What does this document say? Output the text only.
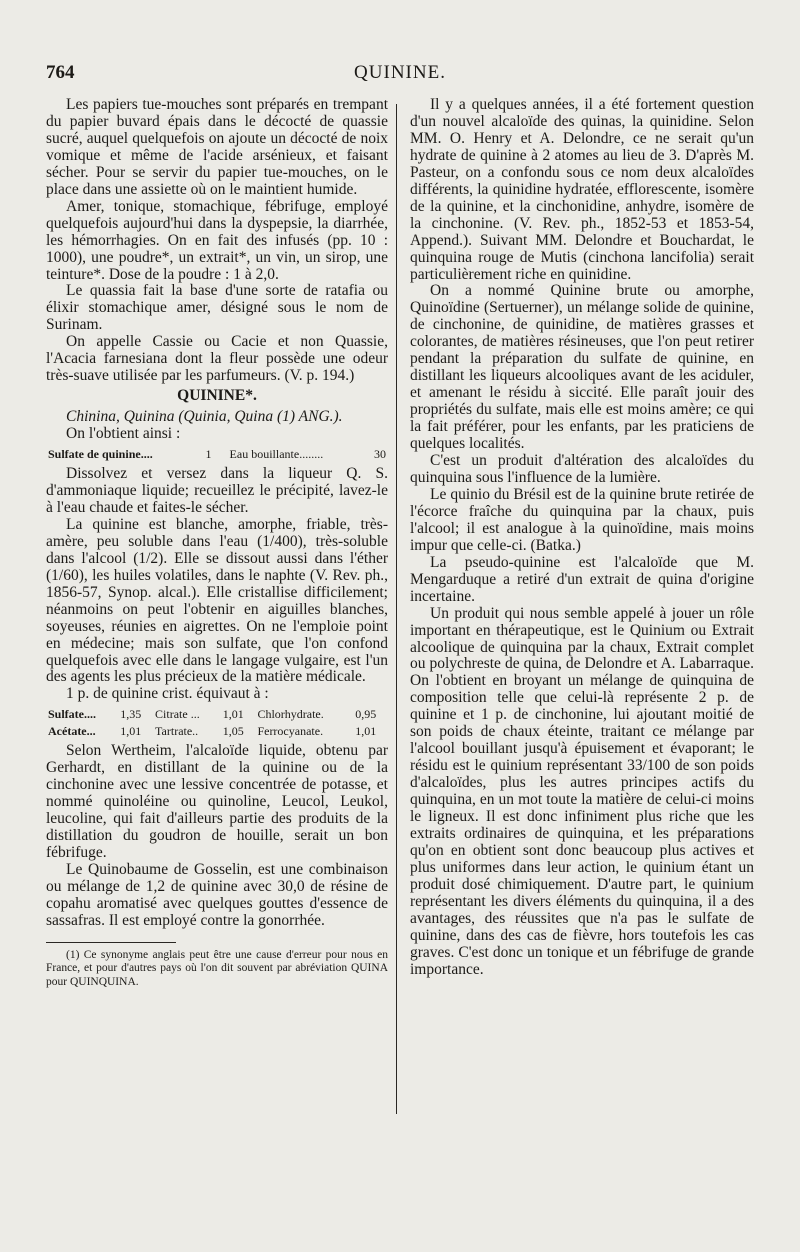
764	QUININE.

Les papiers tue-mouches sont préparés en trempant du papier buvard épais dans le décocté de quassie sucré, auquel quelquefois on ajoute un décocté de noix vomique et même de l'acide arsénieux, et faisant sécher. Pour se servir du papier tue-mouches, on le place dans une assiette où on le maintient humide.

Amer, tonique, stomachique, fébrifuge, employé quelquefois aujourd'hui dans la dyspepsie, la diarrhée, les hémorrhagies. On en fait des infusés (pp. 10 : 1000), une poudre*, un extrait*, un vin, un sirop, une teinture*. Dose de la poudre : 1 à 2,0.

Le quassia fait la base d'une sorte de ratafia ou élixir stomachique amer, désigné sous le nom de Surinam.

On appelle Cassie ou Cacie et non Quassie, l'Acacia farnesiana dont la fleur possède une odeur très-suave utilisée par les parfumeurs. (V. p. 194.)

QUININE*.

Chinina, Quinina (Quinia, Quina (1) ANG.).

On l'obtient ainsi :

Sulfate de quinine....	1		Eau bouillante........	30

Dissolvez et versez dans la liqueur Q. S. d'ammoniaque liquide; recueillez le précipité, lavez-le à l'eau chaude et faites-le sécher.

La quinine est blanche, amorphe, friable, très-amère, peu soluble dans l'eau (1/400), très-soluble dans l'alcool (1/2). Elle se dissout aussi dans l'éther (1/60), les huiles volatiles, dans le naphte (V. Rev. ph., 1856-57, Synop. alcal.). Elle cristallise difficilement; néanmoins on peut l'obtenir en aiguilles blanches, soyeuses, réunies en aigrettes. On ne l'emploie point en médecine; mais son sulfate, que l'on confond quelquefois avec elle dans le langage vulgaire, est l'un des agents les plus précieux de la matière médicale.

1 p. de quinine crist. équivaut à :

Sulfate....	1,35	Citrate ...	1,01	Chlorhydrate.	0,95
Acétate...	1,01	Tartrate..	1,05	Ferrocyanate.	1,01

Selon Wertheim, l'alcaloïde liquide, obtenu par Gerhardt, en distillant de la quinine ou de la cinchonine avec une lessive concentrée de potasse, et nommé quinoléine ou quinoline, Leucol, Leukol, leucoline, qui fait d'ailleurs partie des produits de la distillation du goudron de houille, serait un bon fébrifuge.

Le Quinobaume de Gosselin, est une combinaison ou mélange de 1,2 de quinine avec 30,0 de résine de copahu aromatisé avec quelques gouttes d'essence de sassafras. Il est employé contre la gonorrhée.

(1) Ce synonyme anglais peut être une cause d'erreur pour nous en France, et pour d'autres pays où l'on dit souvent par abréviation QUINA pour QUINQUINA.

Il y a quelques années, il a été fortement question d'un nouvel alcaloïde des quinas, la quinidine. Selon MM. O. Henry et A. Delondre, ce ne serait qu'un hydrate de quinine à 2 atomes au lieu de 3. D'après M. Pasteur, on a confondu sous ce nom deux alcaloïdes différents, la quinidine hydratée, efflorescente, isomère de la quinine, et la cinchonidine, anhydre, isomère de la cinchonine. (V. Rev. ph., 1852-53 et 1853-54, Append.). Suivant MM. Delondre et Bouchardat, le quinquina rouge de Mutis (cinchona lancifolia) serait particulièrement riche en quinidine.

On a nommé Quinine brute ou amorphe, Quinoïdine (Sertuerner), un mélange solide de quinine, de cinchonine, de quinidine, de matières grasses et colorantes, de matières résineuses, que l'on peut retirer pendant la préparation du sulfate de quinine, en distillant les liqueurs alcooliques avant de les aciduler, et amenant le résidu à siccité. Elle paraît jouir des propriétés du sulfate, mais elle est moins amère; ce qui la fait préférer, pour les enfants, par les praticiens de quelques localités.

C'est un produit d'altération des alcaloïdes du quinquina sous l'influence de la lumière.

Le quinio du Brésil est de la quinine brute retirée de l'écorce fraîche du quinquina par la chaux, puis l'alcool; il est analogue à la quinoïdine, mais moins impur que celle-ci. (Batka.)

La pseudo-quinine est l'alcaloïde que M. Mengarduque a retiré d'un extrait de quina d'origine incertaine.

Un produit qui nous semble appelé à jouer un rôle important en thérapeutique, est le Quinium ou Extrait alcoolique de quinquina par la chaux, Extrait complet ou polychreste de quina, de Delondre et A. Labarraque. On l'obtient en broyant un mélange de quinquina de composition telle que celui-là représente 2 p. de quinine et 1 p. de cinchonine, lui ajoutant moitié de son poids de chaux éteinte, traitant ce mélange par l'alcool bouillant jusqu'à épuisement et évaporant; le résidu est le quinium représentant 33/100 de son poids d'alcaloïdes, plus les autres principes actifs du quinquina, en un mot toute la matière de celui-ci moins le ligneux. Il est donc infiniment plus riche que les extraits ordinaires de quinquina, et les préparations qu'on en obtient sont donc beaucoup plus actives et plus uniformes dans leur action, le quinium étant un produit dosé chimiquement. D'autre part, le quinium représentant les divers éléments du quinquina, il a des avantages, des réussites que n'a pas le sulfate de quinine, dans des cas de fièvre, hors toutefois les cas graves. C'est donc un tonique et un fébrifuge de grande importance.
